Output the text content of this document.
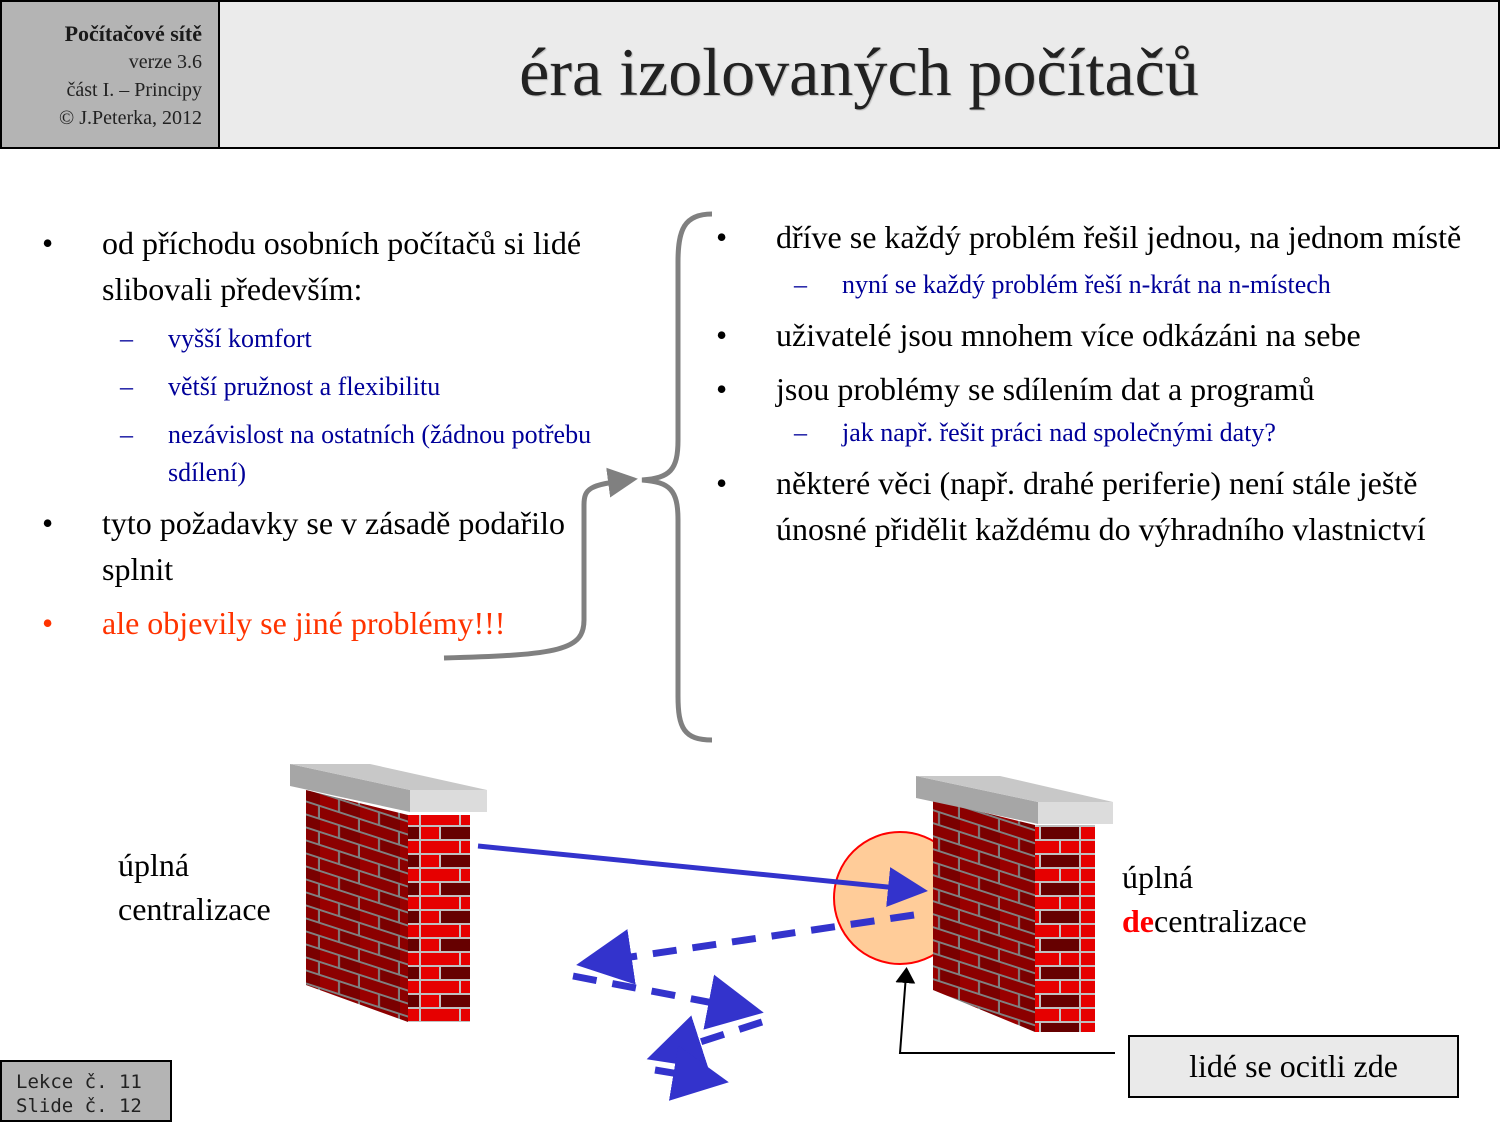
Počítačové sítě
verze 3.6
část I. – Principy
© J.Peterka, 2012
éra izolovaných počítačů
• od příchodu osobních počítačů si lidé slibovali především:
– vyšší komfort
– větší pružnost a flexibilitu
– nezávislost na ostatních (žádnou potřebu sdílení)
• tyto požadavky se v zásadě podařilo splnit
• ale objevily se jiné problémy!!!
• dříve se každý problém řešil jednou, na jednom místě
– nyní se každý problém řeší n-krát na n-místech
• uživatelé jsou mnohem více odkázáni na sebe
• jsou problémy se sdílením dat a programů
– jak např. řešit práci nad společnými daty?
• některé věci (např. drahé periferie) není stále ještě únosné přidělit každému do výhradního vlastnictví
úplná
centralizace
úplná
decentralizace
lidé se ocitli zde
Lekce č. 11
Slide č. 12
